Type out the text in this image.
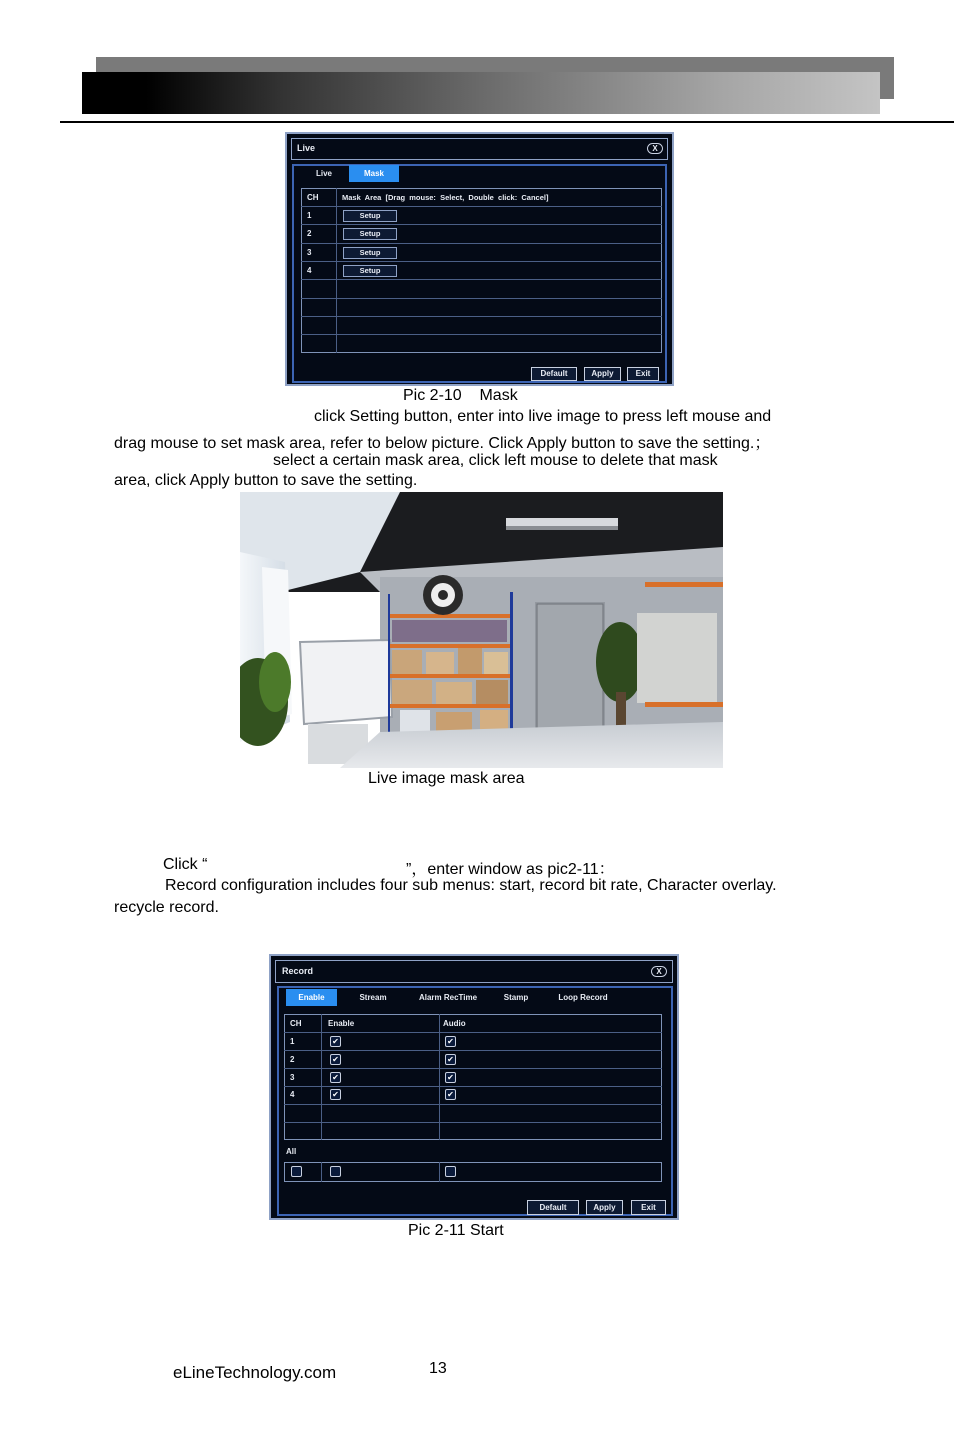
Live	X
Live	Mask
CH	Mask  Area  [Drag  mouse:  Select,  Double  click:  Cancel]
1	Setup
2	Setup
3	Setup
4	Setup
Default	Apply	Exit
Pic 2-10    Mask
click Setting button, enter into live image to press left mouse and
drag mouse to set mask area, refer to below picture. Click Apply button to save the setting.；
select a certain mask area, click left mouse to delete that mask
area, click Apply button to save the setting.
Live image mask area
Click “	”，enter window as pic2-11：
Record configuration includes four sub menus: start, record bit rate, Character overlay.
recycle record.
Record	X
Enable	Stream	Alarm RecTime	Stamp	Loop Record
CH	Enable	Audio
1	✔	✔
2	✔	✔
3	✔	✔
4	✔	✔
All
Default	Apply	Exit
Pic 2-11 Start
eLineTechnology.com	13
